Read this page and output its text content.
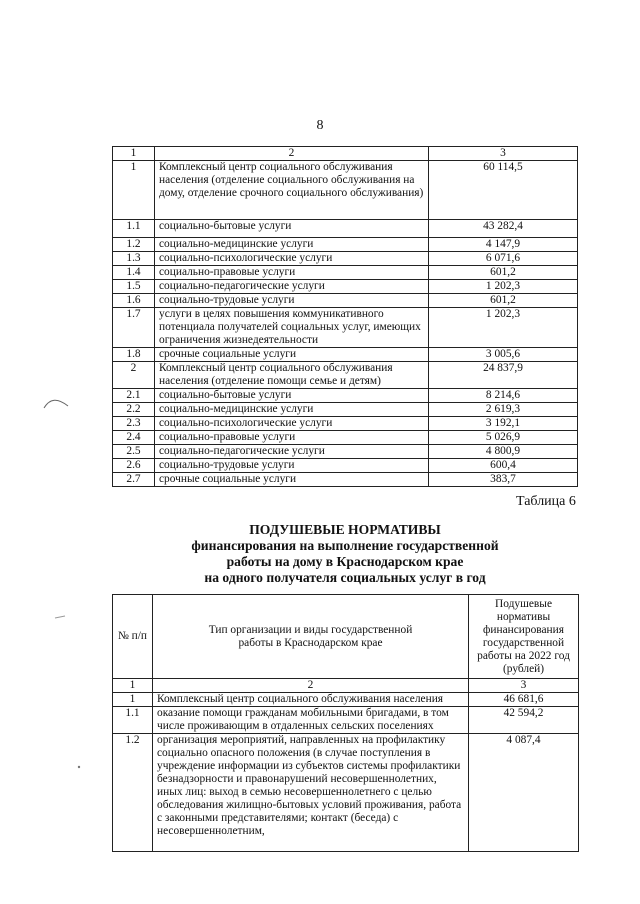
8
1	2	3
1	Комплексный центр социального обслуживания населения (отделение социального обслуживания на дому, отделение срочного социального обслуживания)	60 114,5
1.1	социально-бытовые услуги	43 282,4
1.2	социально-медицинские услуги	4 147,9
1.3	социально-психологические услуги	6 071,6
1.4	социально-правовые услуги	601,2
1.5	социально-педагогические услуги	1 202,3
1.6	социально-трудовые услуги	601,2
1.7	услуги в целях повышения коммуникативного потенциала получателей социальных услуг, имеющих ограничения жизнедеятельности	1 202,3
1.8	срочные социальные услуги	3 005,6
2	Комплексный центр социального обслуживания населения (отделение помощи семье и детям)	24 837,9
2.1	социально-бытовые услуги	8 214,6
2.2	социально-медицинские услуги	2 619,3
2.3	социально-психологические услуги	3 192,1
2.4	социально-правовые услуги	5 026,9
2.5	социально-педагогические услуги	4 800,9
2.6	социально-трудовые услуги	600,4
2.7	срочные социальные услуги	383,7
Таблица 6
ПОДУШЕВЫЕ НОРМАТИВЫ
финансирования на выполнение государственной
работы на дому в Краснодарском крае
на одного получателя социальных услуг в год
№ п/п	Тип организации и виды государственной работы в Краснодарском крае	Подушевые нормативы финансирования государственной работы на 2022 год (рублей)
1	2	3
1	Комплексный центр социального обслуживания населения	46 681,6
1.1	оказание помощи гражданам мобильными бригадами, в том числе проживающим в отдаленных сельских поселениях	42 594,2
1.2	организация мероприятий, направленных на профилактику социально опасного положения (в случае поступления в учреждение информации из субъектов системы профилактики безнадзорности и правонарушений несовершеннолетних, иных лиц: выход в семью несовершеннолетнего с целью обследования жилищно-бытовых условий проживания, работа с законными представителями; контакт (беседа) с несовершеннолетним,	4 087,4
